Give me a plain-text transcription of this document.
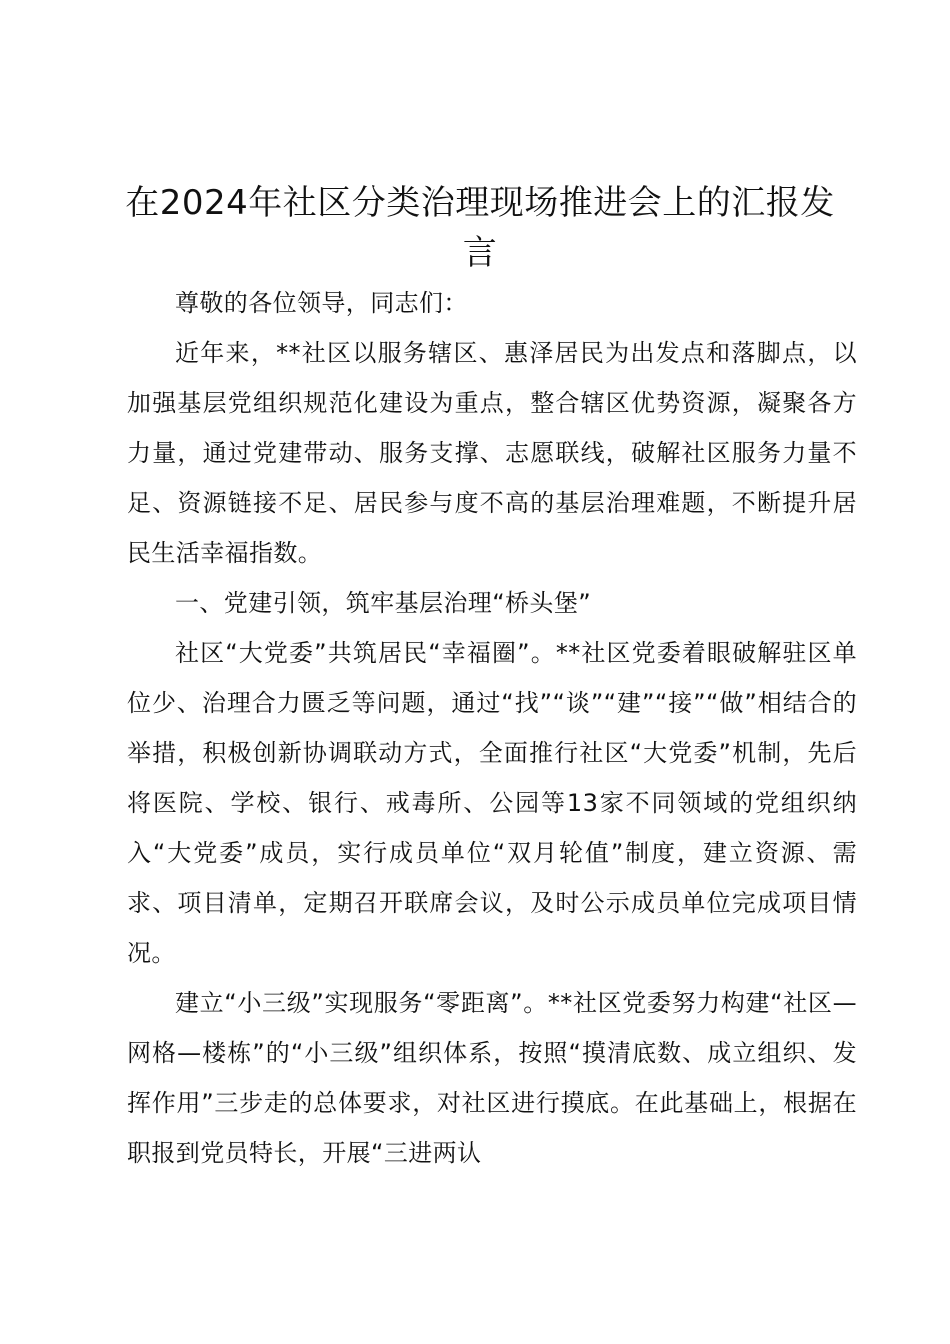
在2024年社区分类治理现场推进会上的汇报发言

尊敬的各位领导，同志们：

近年来，**社区以服务辖区、惠泽居民为出发点和落脚点，以加强基层党组织规范化建设为重点，整合辖区优势资源，凝聚各方力量，通过党建带动、服务支撑、志愿联线，破解社区服务力量不足、资源链接不足、居民参与度不高的基层治理难题，不断提升居民生活幸福指数。

一、党建引领，筑牢基层治理“桥头堡”

社区“大党委”共筑居民“幸福圈”。**社区党委着眼破解驻区单位少、治理合力匮乏等问题，通过“找”“谈”“建”“接”“做”相结合的举措，积极创新协调联动方式，全面推行社区“大党委”机制，先后将医院、学校、银行、戒毒所、公园等13家不同领域的党组织纳入“大党委”成员，实行成员单位“双月轮值”制度，建立资源、需求、项目清单，定期召开联席会议，及时公示成员单位完成项目情况。

建立“小三级”实现服务“零距离”。**社区党委努力构建“社区—网格—楼栋”的“小三级”组织体系，按照“摸清底数、成立组织、发挥作用”三步走的总体要求，对社区进行摸底。在此基础上，根据在职报到党员特长，开展“三进两认
